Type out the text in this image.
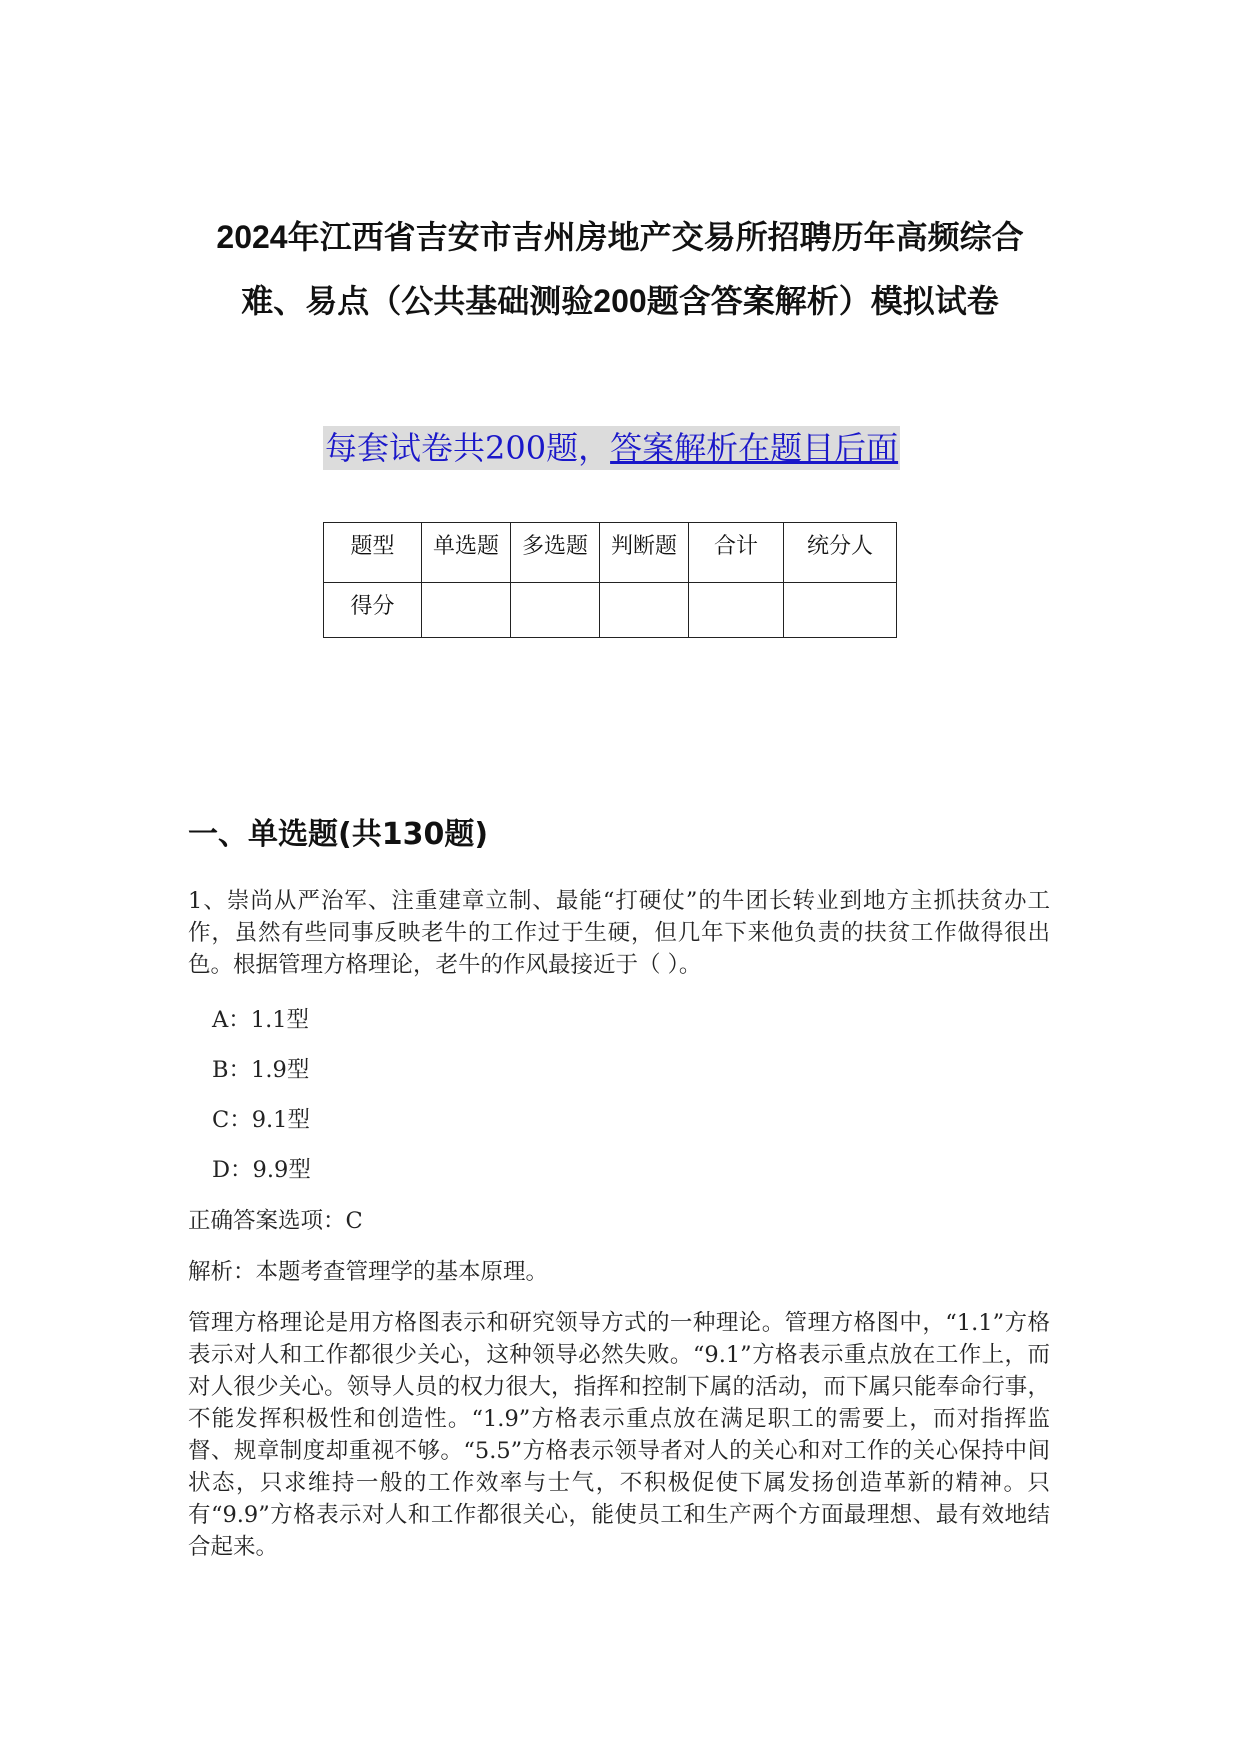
2024年江西省吉安市吉州房地产交易所招聘历年高频综合
难、易点（公共基础测验200题含答案解析）模拟试卷
每套试卷共200题，答案解析在题目后面
题型	单选题	多选题	判断题	合计	统分人
得分					
一、单选题(共130题)
1、崇尚从严治军、注重建章立制、最能“打硬仗”的牛团长转业到地方主抓扶贫办工作，虽然有些同事反映老牛的工作过于生硬，但几年下来他负责的扶贫工作做得很出色。根据管理方格理论，老牛的作风最接近于（ ）。
A：1.1型
B：1.9型
C：9.1型
D：9.9型
正确答案选项：C
解析：本题考查管理学的基本原理。
管理方格理论是用方格图表示和研究领导方式的一种理论。管理方格图中，“1.1”方格表示对人和工作都很少关心，这种领导必然失败。“9.1”方格表示重点放在工作上，而对人很少关心。领导人员的权力很大，指挥和控制下属的活动，而下属只能奉命行事，不能发挥积极性和创造性。“1.9”方格表示重点放在满足职工的需要上，而对指挥监督、规章制度却重视不够。“5.5”方格表示领导者对人的关心和对工作的关心保持中间状态，只求维持一般的工作效率与士气，不积极促使下属发扬创造革新的精神。只有“9.9”方格表示对人和工作都很关心，能使员工和生产两个方面最理想、最有效地结合起来。
